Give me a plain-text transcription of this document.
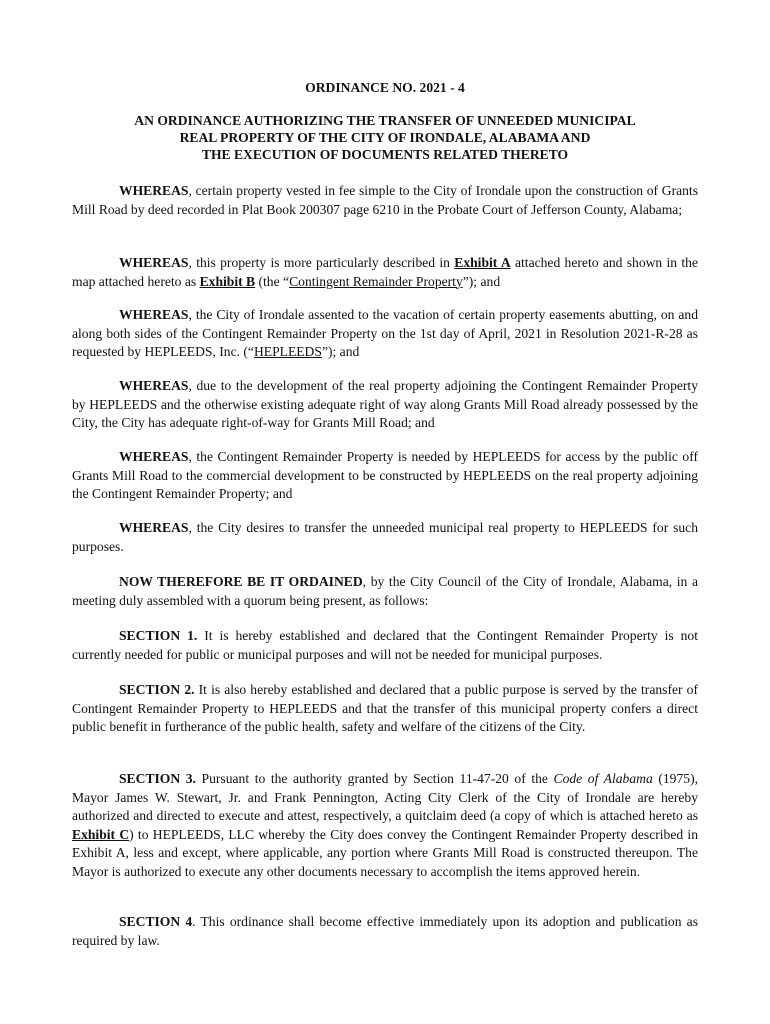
ORDINANCE NO. 2021 - 4

AN ORDINANCE AUTHORIZING THE TRANSFER OF UNNEEDED MUNICIPAL
REAL PROPERTY OF THE CITY OF IRONDALE, ALABAMA AND
THE EXECUTION OF DOCUMENTS RELATED THERETO

WHEREAS, certain property vested in fee simple to the City of Irondale upon the construction of Grants Mill Road by deed recorded in Plat Book 200307 page 6210 in the Probate Court of Jefferson County, Alabama;

WHEREAS, this property is more particularly described in Exhibit A attached hereto and shown in the map attached hereto as Exhibit B (the “Contingent Remainder Property”); and

WHEREAS, the City of Irondale assented to the vacation of certain property easements abutting, on and along both sides of the Contingent Remainder Property on the 1st day of April, 2021 in Resolution 2021-R-28 as requested by HEPLEEDS, Inc. (“HEPLEEDS”); and

WHEREAS, due to the development of the real property adjoining the Contingent Remainder Property by HEPLEEDS and the otherwise existing adequate right of way along Grants Mill Road already possessed by the City, the City has adequate right-of-way for Grants Mill Road; and

WHEREAS, the Contingent Remainder Property is needed by HEPLEEDS for access by the public off Grants Mill Road to the commercial development to be constructed by HEPLEEDS on the real property adjoining the Contingent Remainder Property; and

WHEREAS, the City desires to transfer the unneeded municipal real property to HEPLEEDS for such purposes.

NOW THEREFORE BE IT ORDAINED, by the City Council of the City of Irondale, Alabama, in a meeting duly assembled with a quorum being present, as follows:

SECTION 1. It is hereby established and declared that the Contingent Remainder Property is not currently needed for public or municipal purposes and will not be needed for municipal purposes.

SECTION 2. It is also hereby established and declared that a public purpose is served by the transfer of Contingent Remainder Property to HEPLEEDS and that the transfer of this municipal property confers a direct public benefit in furtherance of the public health, safety and welfare of the citizens of the City.

SECTION 3. Pursuant to the authority granted by Section 11-47-20 of the Code of Alabama (1975), Mayor James W. Stewart, Jr. and Frank Pennington, Acting City Clerk of the City of Irondale are hereby authorized and directed to execute and attest, respectively, a quitclaim deed (a copy of which is attached hereto as Exhibit C) to HEPLEEDS, LLC whereby the City does convey the Contingent Remainder Property described in Exhibit A, less and except, where applicable, any portion where Grants Mill Road is constructed thereupon. The Mayor is authorized to execute any other documents necessary to accomplish the items approved herein.

SECTION 4. This ordinance shall become effective immediately upon its adoption and publication as required by law.
